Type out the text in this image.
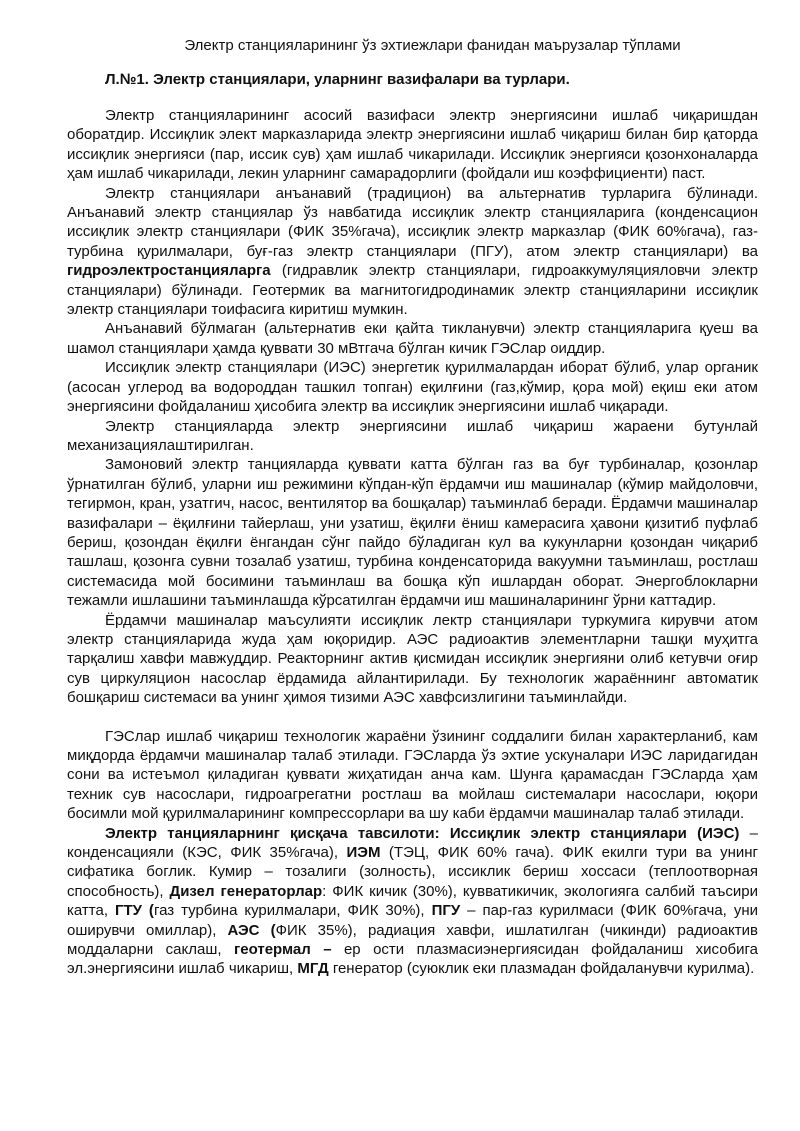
Электр станцияларининг ўз эхтиежлари фанидан маърузалар тўплами
Л.№1. Электр станциялари, уларнинг вазифалари ва турлари.

Электр станцияларининг асосий вазифаси электр энергиясини ишлаб чиқаришдан оборатдир. Иссиқлик элект марказларида электр энергиясини ишлаб чиқариш билан бир қаторда иссиқлик энергияси (пар, иссик сув) ҳам ишлаб чикарилади. Иссиқлик энергияси қозонхоналарда ҳам ишлаб чикарилади, лекин уларнинг самарадорлиги (фойдали иш коэффициенти) паст.

Электр станциялари анъанавий (традицион) ва альтернатив турларига бўлинади. Анъанавий электр станциялар ўз навбатида иссиқлик электр станцияларига (конденсацион иссиқлик электр станциялари (ФИК 35%гача), иссиқлик электр марказлар (ФИК 60%гача), газ-турбина қурилмалари, буғ-газ электр станциялари (ПГУ), атом электр станциялари) ва гидроэлектростанцияларга (гидравлик электр станциялари, гидроаккумуляцияловчи электр станциялари) бўлинади. Геотермик ва магнитогидродинамик электр станцияларини иссиқлик электр станциялари тоифасига киритиш мумкин.

Анъанавий бўлмаган (альтернатив еки қайта тикланувчи) электр станцияларига қуеш ва шамол станциялари ҳамда қуввати 30 мВтгача бўлган кичик ГЭСлар оиддир.

Иссиқлик электр станциялари (ИЭС) энергетик қурилмалардан иборат бўлиб, улар органик (асосан углерод ва водороддан ташкил топган) еқилғини (газ,кўмир, қора мой) еқиш еки атом энергиясини фойдаланиш ҳисобига электр ва иссиқлик энергиясини ишлаб чиқаради.

Электр станцияларда электр энергиясини ишлаб чиқариш жараени бутунлай механизациялаштирилган.

Замоновий электр танцияларда қуввати катта бўлган газ ва буғ турбиналар, қозонлар ўрнатилган бўлиб, уларни иш режимини кўпдан-кўп ёрдамчи иш машиналар (кўмир майдоловчи, тегирмон, кран, узатгич, насос, вентилятор ва бошқалар) таъминлаб беради. Ёрдамчи машиналар вазифалари – ёқилғини тайерлаш, уни узатиш, ёқилғи ёниш камерасига ҳавони қизитиб пуфлаб бериш, қозондан ёқилғи ёнгандан сўнг пайдо бўладиган кул ва кукунларни қозондан чиқариб ташлаш, қозонга сувни тозалаб узатиш, турбина конденсаторида вакуумни таъминлаш, ростлаш системасида мой босимини таъминлаш ва бошқа кўп ишлардан оборат. Энергоблокларни тежамли ишлашини таъминлашда кўрсатилган ёрдамчи иш машиналарининг ўрни каттадир.

Ёрдамчи машиналар маъсулияти иссиқлик лектр станциялари туркумига кирувчи атом электр станцияларида жуда ҳам юқоридир. АЭС радиоактив элементларни ташқи муҳитга тарқалиш хавфи мавжуддир. Реакторнинг актив қисмидан иссиқлик энергияни олиб кетувчи оғир сув циркуляцион насослар ёрдамида айлантирилади. Бу технологик жараённинг автоматик бошқариш системаси ва унинг ҳимоя тизими АЭС хавфсизлигини таъминлайди.

ГЭСлар ишлаб чиқариш технологик жараёни ўзининг соддалиги билан характерланиб, кам миқдорда ёрдамчи машиналар талаб этилади. ГЭСларда ўз эхтие ускуналари ИЭС ларидагидан сони ва истеъмол қиладиган қуввати жиҳатидан анча кам. Шунга қарамасдан ГЭСларда ҳам техник сув насослари, гидроагрегатни ростлаш ва мойлаш системалари насослари, юқори босимли мой қурилмаларининг компрессорлари ва шу каби ёрдамчи машиналар талаб этилади.

Электр танцияларнинг қисқача тавсилоти: Иссиқлик электр станциялари (ИЭС) – конденсацияли (КЭС, ФИК 35%гача), ИЭМ (ТЭЦ, ФИК 60% гача). ФИК екилги тури ва унинг сифатика боглик. Кумир – тозалиги (золность), иссиклик бериш хоссаси (теплоотворная способность), Дизел генераторлар: ФИК кичик (30%), кувватикичик, экологияга салбий таъсири катта, ГТУ (газ турбина курилмалари, ФИК 30%), ПГУ – пар-газ курилмаси (ФИК 60%гача, уни оширувчи омиллар), АЭС (ФИК 35%), радиация хавфи, ишлатилган (чикинди) радиоактив моддаларни саклаш, геотермал – ер ости плазмасиэнергиясидан фойдаланиш хисобига эл.энергиясини ишлаб чикариш, МГД генератор (суюклик еки плазмадан фойдаланувчи курилма).
